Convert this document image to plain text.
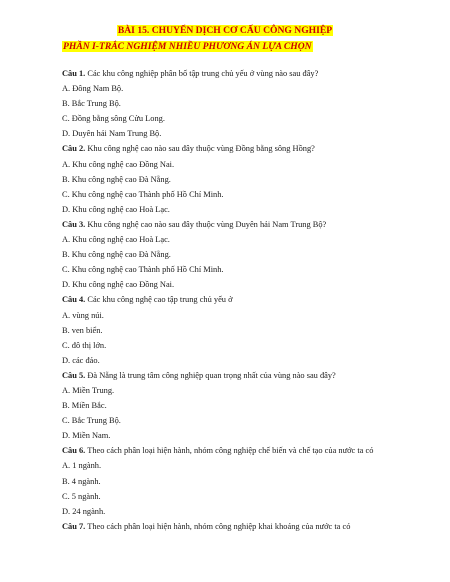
BÀI 15. CHUYỂN DỊCH CƠ CẤU CÔNG NGHIỆP
PHẦN I-TRẮC NGHIỆM NHIỀU PHƯƠNG ÁN LỰA CHỌN
Câu 1. Các khu công nghiệp phân bố tập trung chủ yếu ở vùng nào sau đây?
A. Đông Nam Bộ.
B. Bắc Trung Bộ.
C. Đồng bằng sông Cửu Long.
D. Duyên hải Nam Trung Bộ.
Câu 2. Khu công nghệ cao nào sau đây thuộc vùng Đồng bằng sông Hồng?
A. Khu công nghệ cao Đồng Nai.
B. Khu công nghệ cao Đà Nẵng.
C. Khu công nghệ cao Thành phố Hồ Chí Minh.
D. Khu công nghệ cao Hoà Lạc.
Câu 3. Khu công nghệ cao nào sau đây thuộc vùng Duyên hải Nam Trung Bộ?
A. Khu công nghệ cao Hoà Lạc.
B. Khu công nghệ cao Đà Nẵng.
C. Khu công nghệ cao Thành phố Hồ Chí Minh.
D. Khu công nghệ cao Đồng Nai.
Câu 4. Các khu công nghệ cao tập trung chủ yếu ở
A. vùng núi.
B. ven biển.
C. đô thị lớn.
D. các đảo.
Câu 5. Đà Nẵng là trung tâm công nghiệp quan trọng nhất của vùng nào sau đây?
A. Miền Trung.
B. Miền Bắc.
C. Bắc Trung Bộ.
D. Miền Nam.
Câu 6. Theo cách phân loại hiện hành, nhóm công nghiệp chế biến và chế tạo của nước ta có
A. 1 ngành.
B. 4 ngành.
C. 5 ngành.
D. 24 ngành.
Câu 7. Theo cách phân loại hiện hành, nhóm công nghiệp khai khoáng của nước ta có
